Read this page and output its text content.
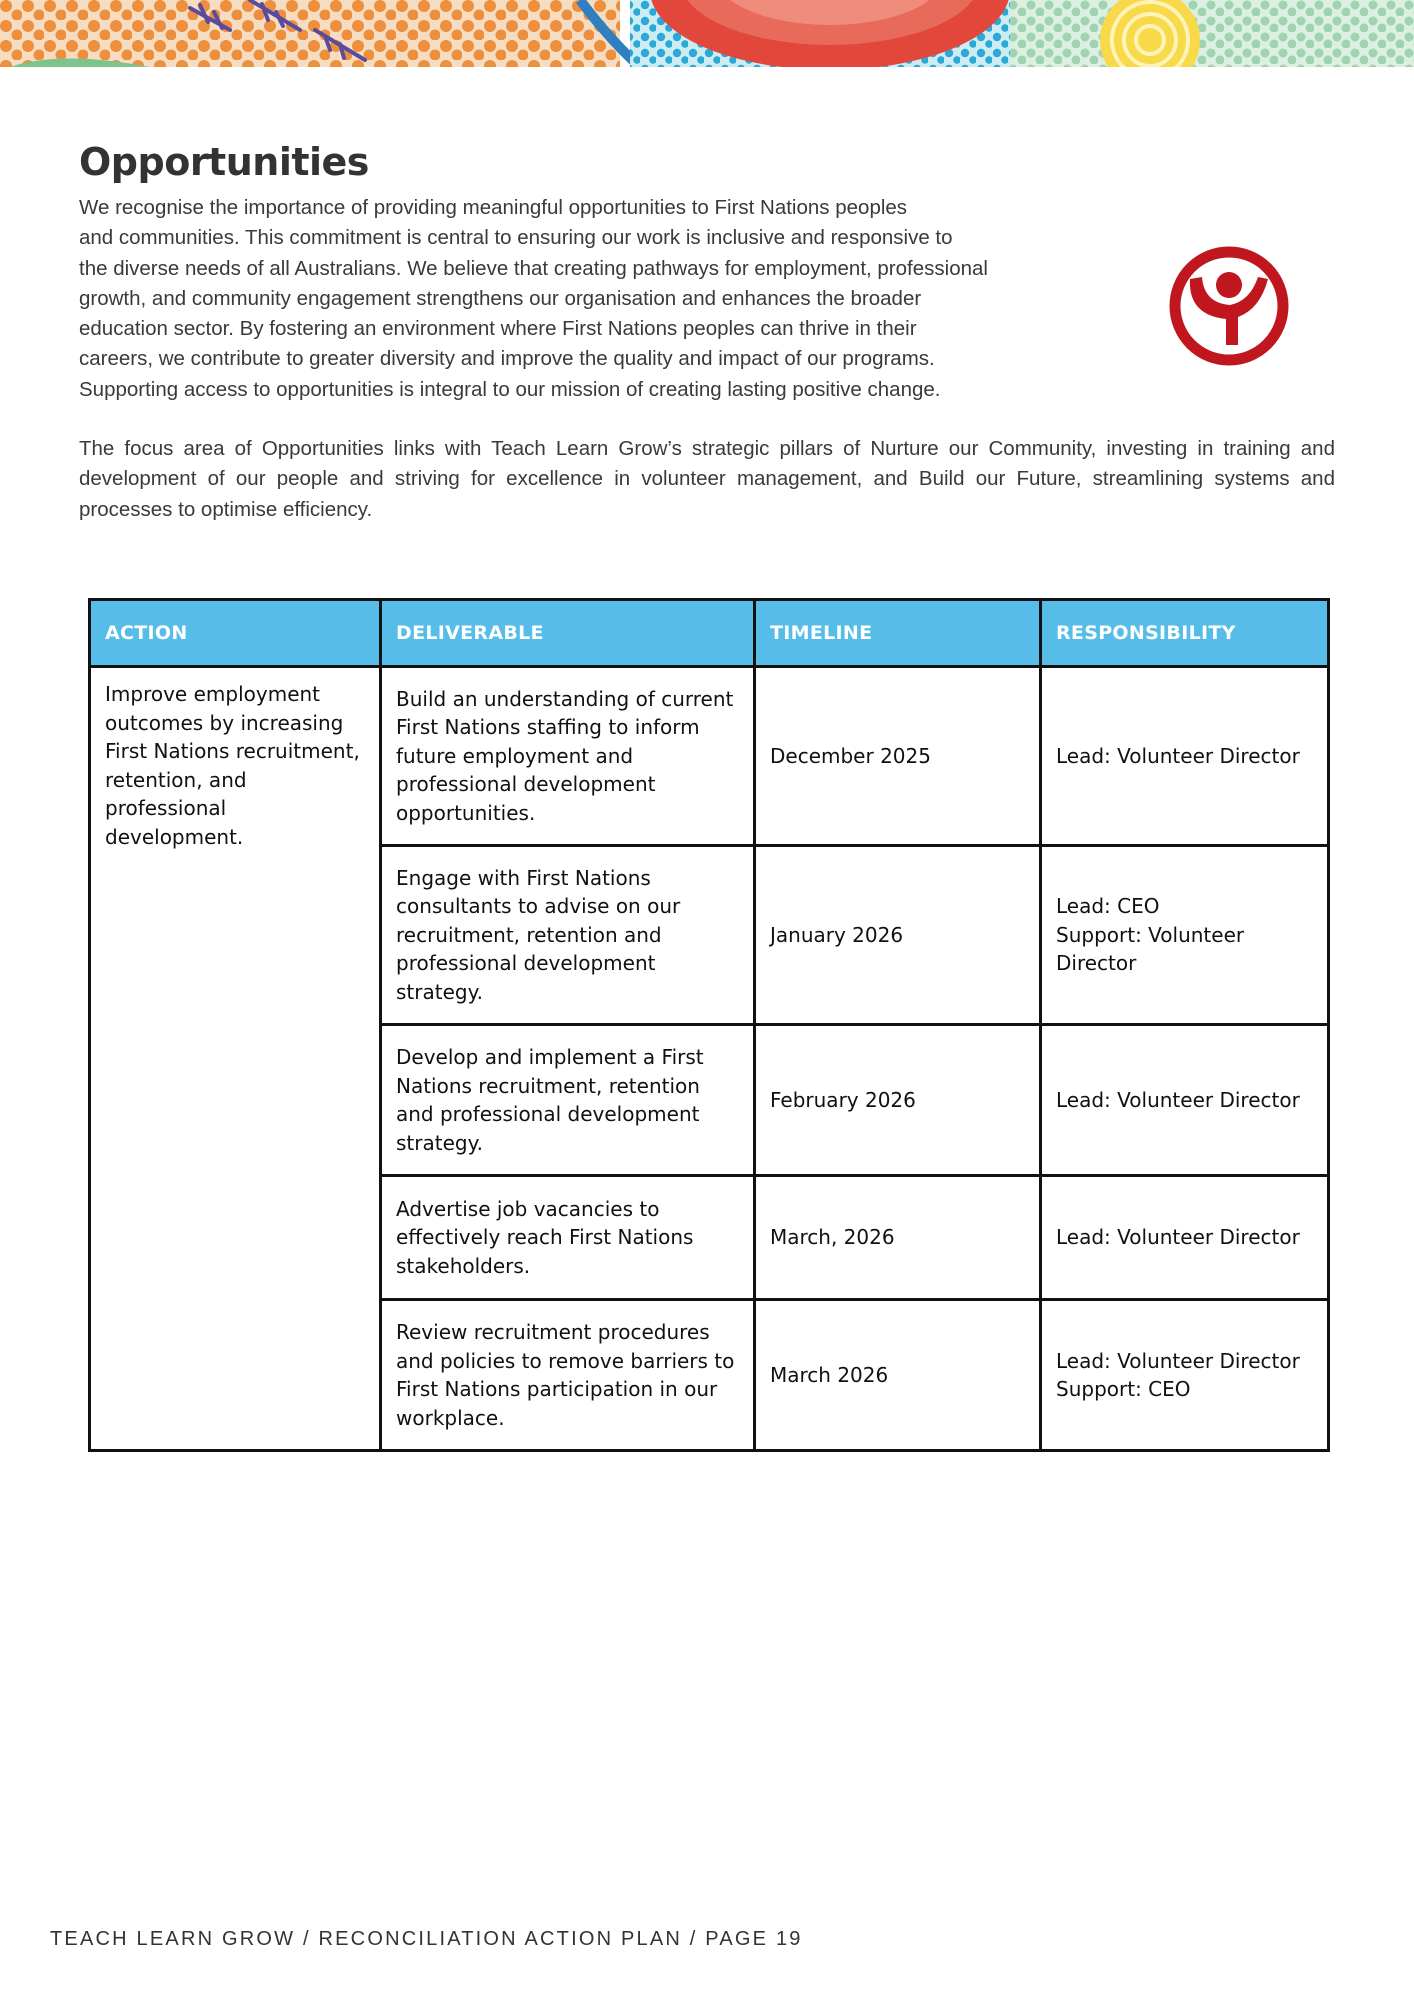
Opportunities

We recognise the importance of providing meaningful opportunities to First Nations peoples
and communities. This commitment is central to ensuring our work is inclusive and responsive to
the diverse needs of all Australians. We believe that creating pathways for employment, professional
growth, and community engagement strengthens our organisation and enhances the broader
education sector. By fostering an environment where First Nations peoples can thrive in their
careers, we contribute to greater diversity and improve the quality and impact of our programs.
Supporting access to opportunities is integral to our mission of creating lasting positive change.

The focus area of Opportunities links with Teach Learn Grow’s strategic pillars of Nurture our Community, investing in training and development of our people and striving for excellence in volunteer management, and Build our Future, streamlining systems and processes to optimise efficiency.

ACTION	DELIVERABLE	TIMELINE	RESPONSIBILITY
Improve employment outcomes by increasing First Nations recruitment, retention, and professional development.	Build an understanding of current First Nations staffing to inform future employment and professional development opportunities.	December 2025	Lead: Volunteer Director

	Engage with First Nations consultants to advise on our recruitment, retention and professional development strategy.	January 2026	Lead: CEO
Support: Volunteer Director

	Develop and implement a First Nations recruitment, retention and professional development strategy.	February 2026	Lead: Volunteer Director

	Advertise job vacancies to effectively reach First Nations stakeholders.	March, 2026	Lead: Volunteer Director

	Review recruitment procedures and policies to remove barriers to First Nations participation in our workplace.	March 2026	Lead: Volunteer Director
Support: CEO

TEACH LEARN GROW / RECONCILIATION ACTION PLAN / PAGE 19
